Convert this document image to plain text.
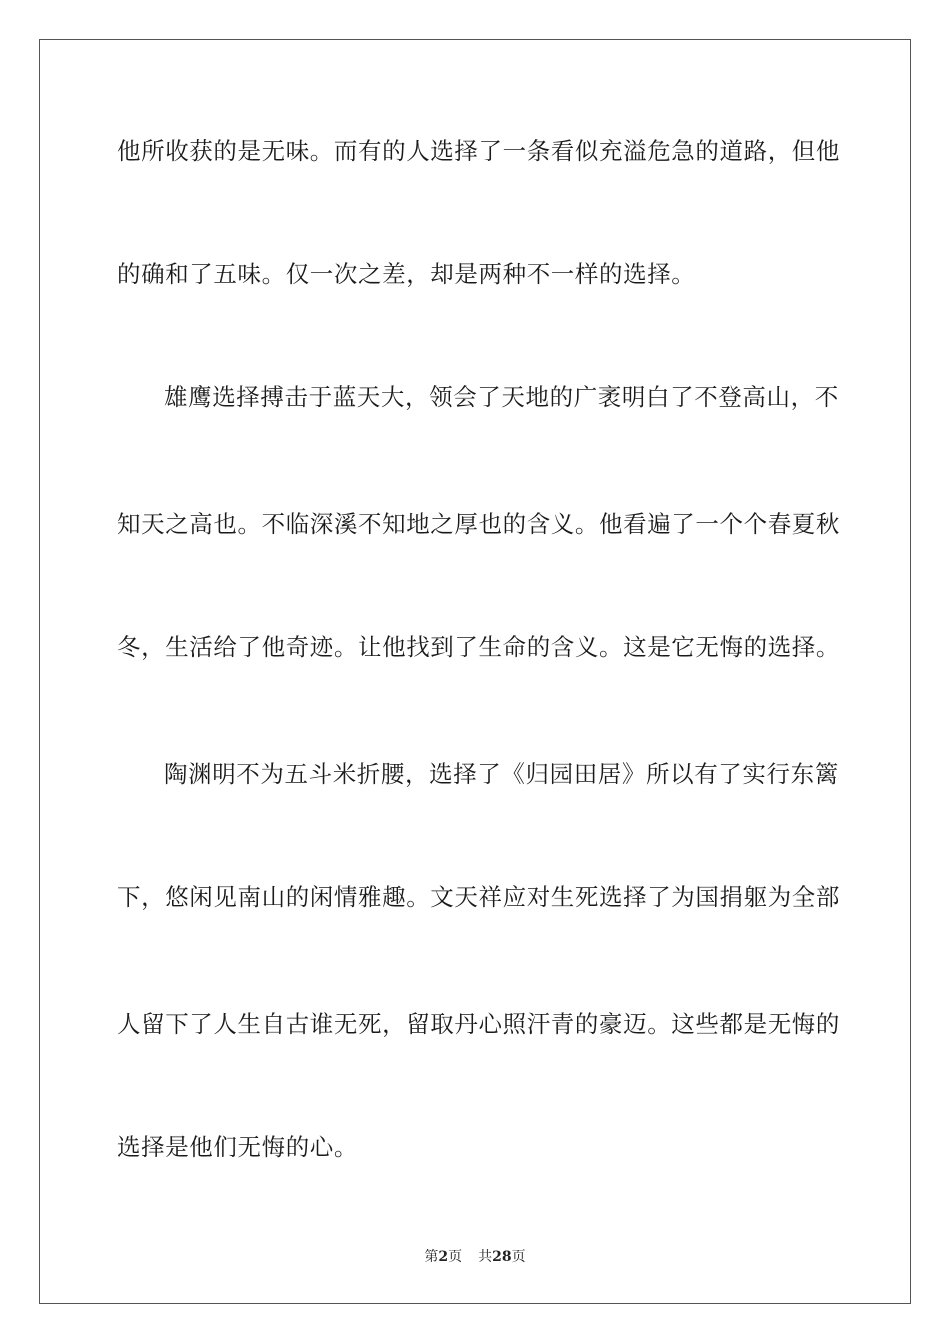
他所收获的是无味。而有的人选择了一条看似充溢危急的道路，但他
的确和了五味。仅一次之差，却是两种不一样的选择。
雄鹰选择搏击于蓝天大，领会了天地的广袤明白了不登高山，不
知天之高也。不临深溪不知地之厚也的含义。他看遍了一个个春夏秋
冬，生活给了他奇迹。让他找到了生命的含义。这是它无悔的选择。
陶渊明不为五斗米折腰，选择了《归园田居》所以有了实行东篱
下，悠闲见南山的闲情雅趣。文天祥应对生死选择了为国捐躯为全部
人留下了人生自古谁无死，留取丹心照汗青的豪迈。这些都是无悔的
选择是他们无悔的心。
第2页 共28页
